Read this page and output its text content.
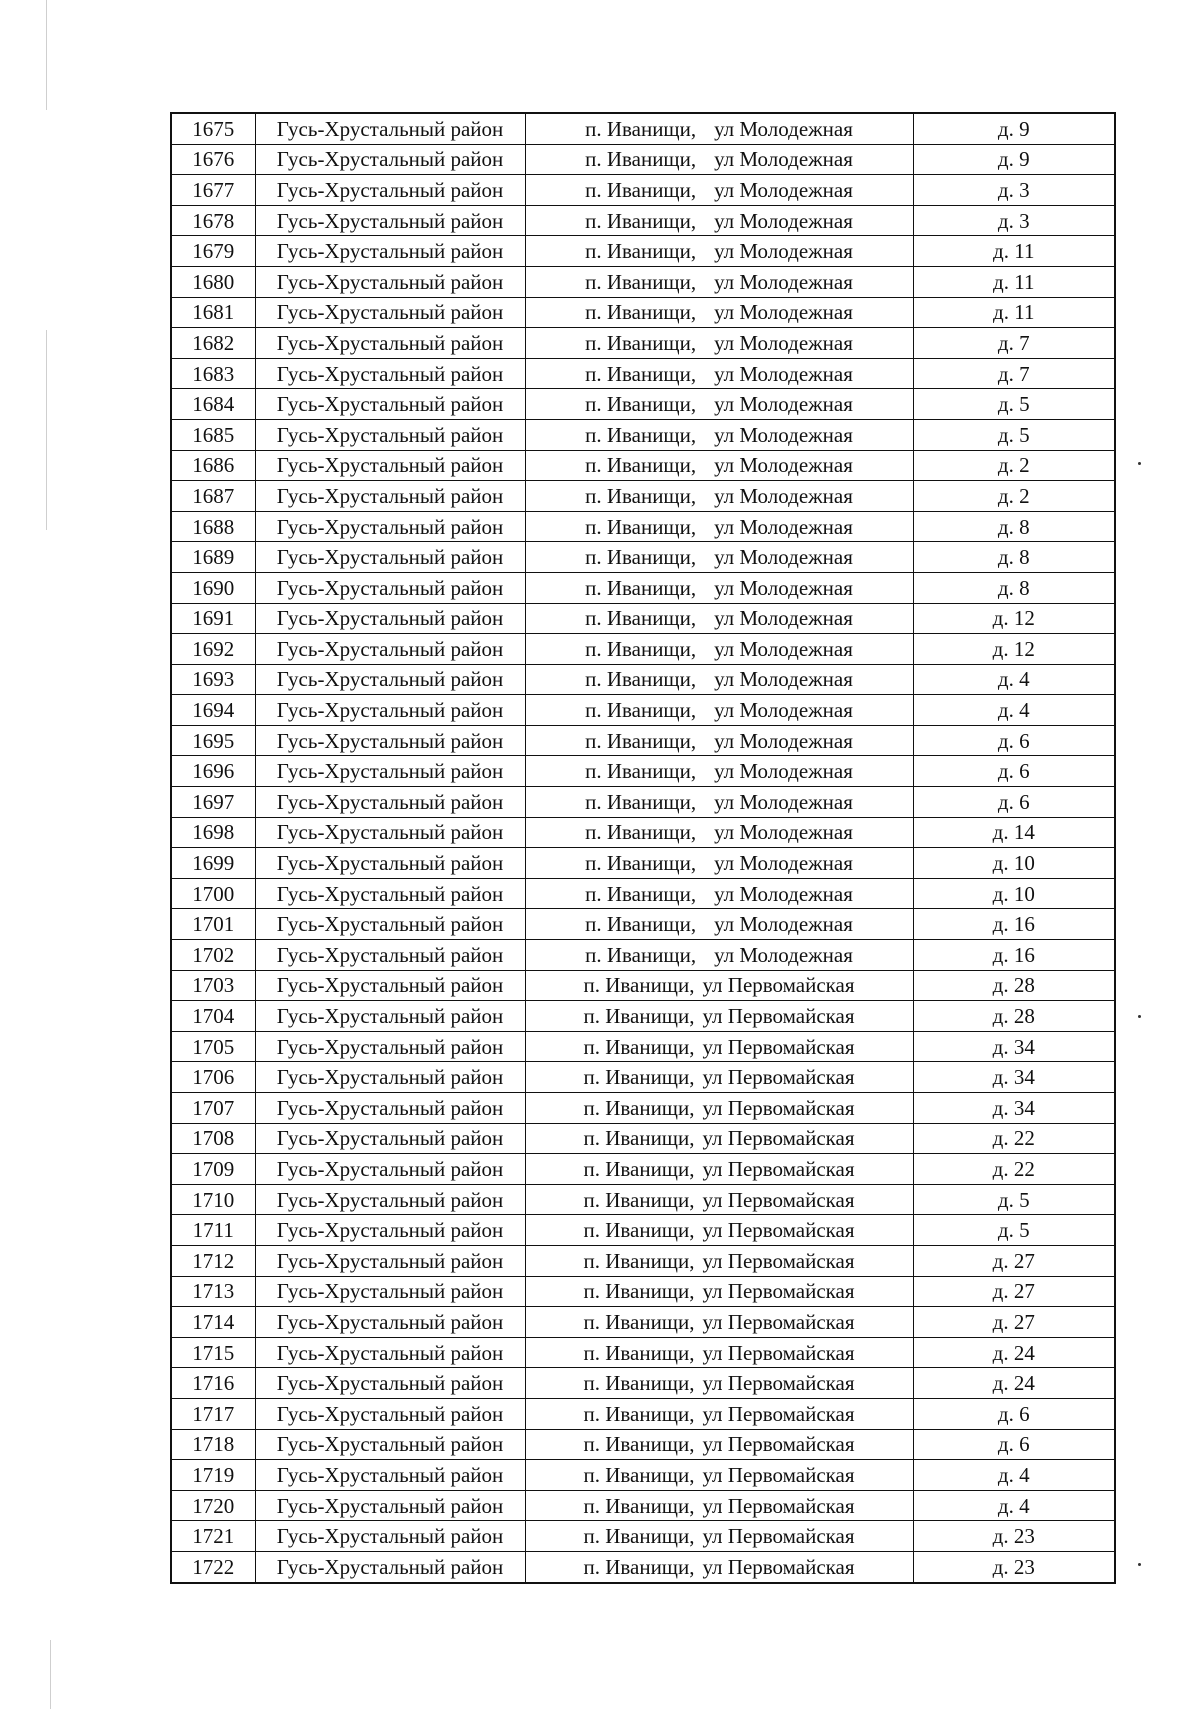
1675	Гусь-Хрустальный район	п. Иванищи, ул Молодежная	д. 9
1676	Гусь-Хрустальный район	п. Иванищи, ул Молодежная	д. 9
1677	Гусь-Хрустальный район	п. Иванищи, ул Молодежная	д. 3
1678	Гусь-Хрустальный район	п. Иванищи, ул Молодежная	д. 3
1679	Гусь-Хрустальный район	п. Иванищи, ул Молодежная	д. 11
1680	Гусь-Хрустальный район	п. Иванищи, ул Молодежная	д. 11
1681	Гусь-Хрустальный район	п. Иванищи, ул Молодежная	д. 11
1682	Гусь-Хрустальный район	п. Иванищи, ул Молодежная	д. 7
1683	Гусь-Хрустальный район	п. Иванищи, ул Молодежная	д. 7
1684	Гусь-Хрустальный район	п. Иванищи, ул Молодежная	д. 5
1685	Гусь-Хрустальный район	п. Иванищи, ул Молодежная	д. 5
1686	Гусь-Хрустальный район	п. Иванищи, ул Молодежная	д. 2
1687	Гусь-Хрустальный район	п. Иванищи, ул Молодежная	д. 2
1688	Гусь-Хрустальный район	п. Иванищи, ул Молодежная	д. 8
1689	Гусь-Хрустальный район	п. Иванищи, ул Молодежная	д. 8
1690	Гусь-Хрустальный район	п. Иванищи, ул Молодежная	д. 8
1691	Гусь-Хрустальный район	п. Иванищи, ул Молодежная	д. 12
1692	Гусь-Хрустальный район	п. Иванищи, ул Молодежная	д. 12
1693	Гусь-Хрустальный район	п. Иванищи, ул Молодежная	д. 4
1694	Гусь-Хрустальный район	п. Иванищи, ул Молодежная	д. 4
1695	Гусь-Хрустальный район	п. Иванищи, ул Молодежная	д. 6
1696	Гусь-Хрустальный район	п. Иванищи, ул Молодежная	д. 6
1697	Гусь-Хрустальный район	п. Иванищи, ул Молодежная	д. 6
1698	Гусь-Хрустальный район	п. Иванищи, ул Молодежная	д. 14
1699	Гусь-Хрустальный район	п. Иванищи, ул Молодежная	д. 10
1700	Гусь-Хрустальный район	п. Иванищи, ул Молодежная	д. 10
1701	Гусь-Хрустальный район	п. Иванищи, ул Молодежная	д. 16
1702	Гусь-Хрустальный район	п. Иванищи, ул Молодежная	д. 16
1703	Гусь-Хрустальный район	п. Иванищи, ул Первомайская	д. 28
1704	Гусь-Хрустальный район	п. Иванищи, ул Первомайская	д. 28
1705	Гусь-Хрустальный район	п. Иванищи, ул Первомайская	д. 34
1706	Гусь-Хрустальный район	п. Иванищи, ул Первомайская	д. 34
1707	Гусь-Хрустальный район	п. Иванищи, ул Первомайская	д. 34
1708	Гусь-Хрустальный район	п. Иванищи, ул Первомайская	д. 22
1709	Гусь-Хрустальный район	п. Иванищи, ул Первомайская	д. 22
1710	Гусь-Хрустальный район	п. Иванищи, ул Первомайская	д. 5
1711	Гусь-Хрустальный район	п. Иванищи, ул Первомайская	д. 5
1712	Гусь-Хрустальный район	п. Иванищи, ул Первомайская	д. 27
1713	Гусь-Хрустальный район	п. Иванищи, ул Первомайская	д. 27
1714	Гусь-Хрустальный район	п. Иванищи, ул Первомайская	д. 27
1715	Гусь-Хрустальный район	п. Иванищи, ул Первомайская	д. 24
1716	Гусь-Хрустальный район	п. Иванищи, ул Первомайская	д. 24
1717	Гусь-Хрустальный район	п. Иванищи, ул Первомайская	д. 6
1718	Гусь-Хрустальный район	п. Иванищи, ул Первомайская	д. 6
1719	Гусь-Хрустальный район	п. Иванищи, ул Первомайская	д. 4
1720	Гусь-Хрустальный район	п. Иванищи, ул Первомайская	д. 4
1721	Гусь-Хрустальный район	п. Иванищи, ул Первомайская	д. 23
1722	Гусь-Хрустальный район	п. Иванищи, ул Первомайская	д. 23
